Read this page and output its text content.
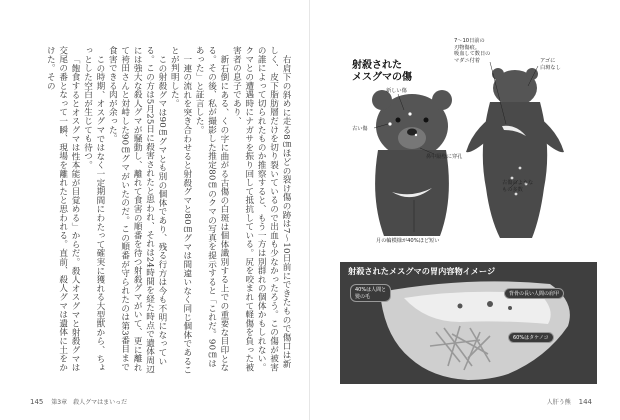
右肩下の斜めに走る8㎝ほどの裂け傷の跡は7〜10日前にできたもので傷口は新しく、皮下脂肪層だけを切り裂いているので出血も少なかったろう。この傷が被害の誰によって切られたものか推察すると、もう一方は別群れの個体かもしれない。クマとの遭遇時にナガサを振り回して抵抗している。尻を咬まれて軽傷を負った被害者の息子であり、

新石倒にある、くの字に曲がる古傷の白斑は個体識別する上での重要な目印となる。その後、私が撮影した推定80㎝のクマの写真を提示すると「これだ。90㎝はあった」と証言した。

一連の流れを突き合わせると射殺グマと80㎝グマは間違いなく同じ個体であることが判明した。

この射殺グマは90㎝グマとも別の個体であり、残る行方は今も不明になっている。この方は5月25日に殺害されたと思われ、それは24時間を経た時点で遺体周辺には強大な殺人グマが騒動し、離れて食害の順番を待つ射殺グマがいて、更に離れて袴田さんと対峙した90㎝グマがいたのだ。この順番が守られたのは第3番目まで食害できる肉が余った。

この時期、オスグマではなく一定期間にわたって確実に獲れる大型獣から、ちょっとした空白が生じても待つ。

「飽食するとオスグマは性本能が目覚める」からだ。殺人オスグマと射殺グマは交尾の番となって一瞬、現場を離れたと思われる。直前、殺人グマは遺体に土をかけた。その

145 第3章　殺人グマはまいっだ	人肝う熊 144
射殺された
メスグマの傷
7〜10日前の
刃物傷痕。
吸血して数日の
マダニ付着	アゴに
白斑なし
新しい傷
古い傷
鼻中隔壁に穿孔
古傷のような
もの多数
月の輪模様が40%ほど短い
射殺されたメスグマの胃内容物イメージ
40%は人間と
髪の毛	背骨の長い人間の肩甲
60%はタケノコ
